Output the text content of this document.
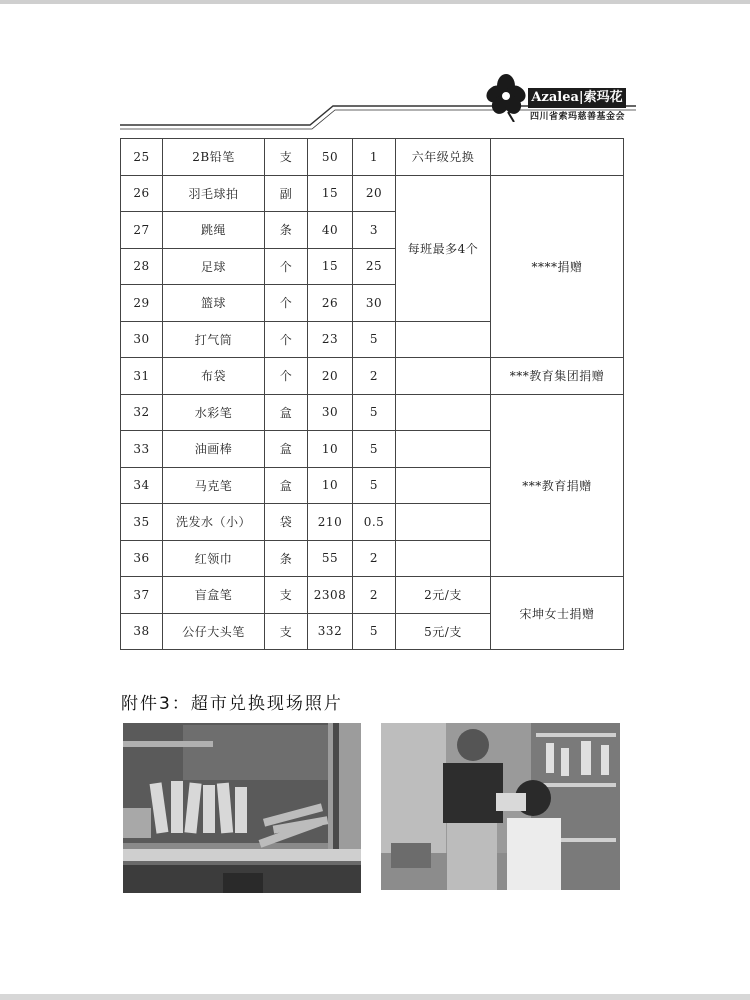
Azalea|索玛花
四川省索玛慈善基金会
25	2B铅笔	支	50	1	六年级兑换	
26	羽毛球拍	副	15	20	每班最多4个	****捐赠
27	跳绳	条	40	3		
28	足球	个	15	25		
29	篮球	个	26	30		
30	打气筒	个	23	5		
31	布袋	个	20	2		***教育集团捐赠
32	水彩笔	盒	30	5		***教育捐赠
33	油画棒	盒	10	5		
34	马克笔	盒	10	5		
35	洗发水（小）	袋	210	0.5		
36	红领巾	条	55	2		
37	盲盒笔	支	2308	2	2元/支	宋坤女士捐赠
38	公仔大头笔	支	332	5	5元/支	
附件3：超市兑换现场照片
